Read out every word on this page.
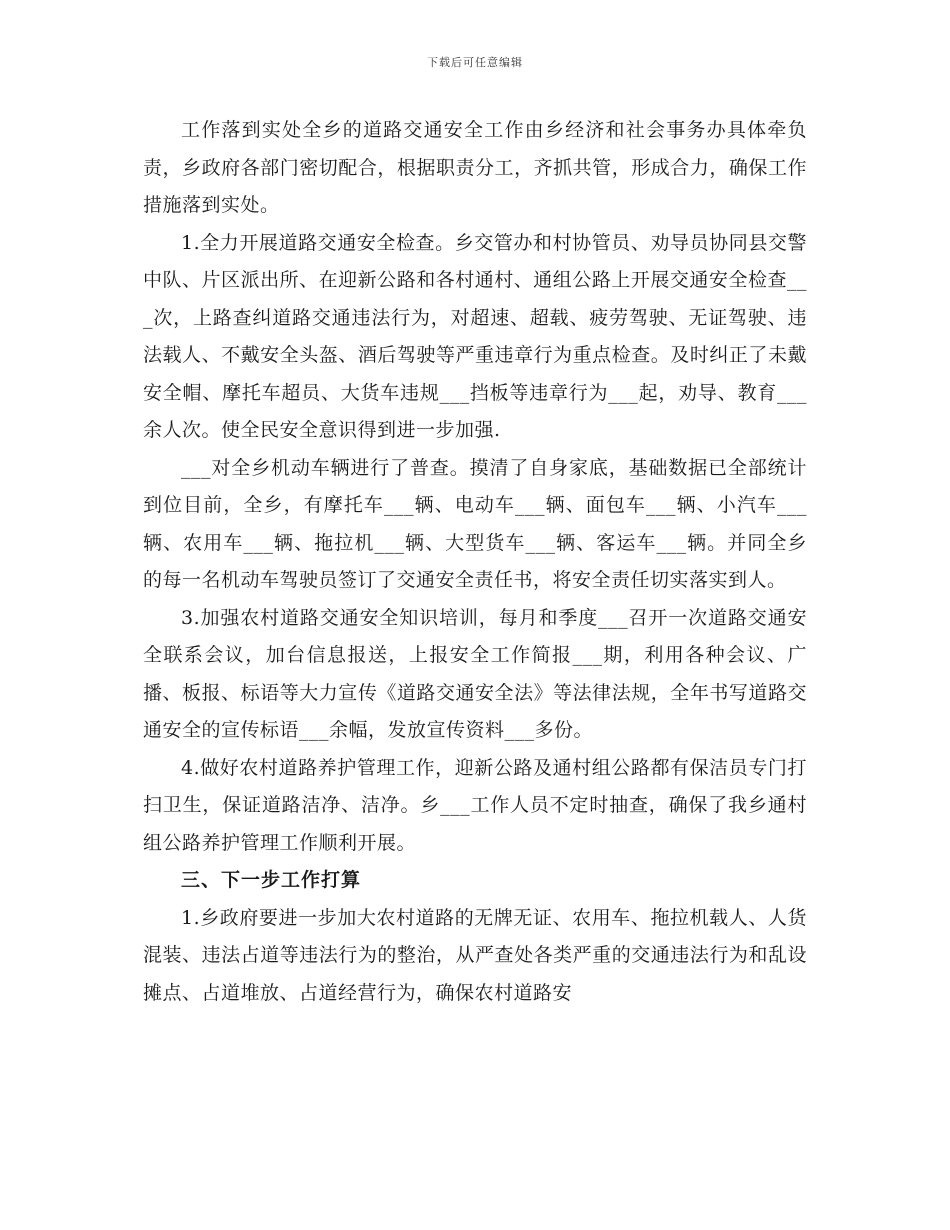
下载后可任意编辑

工作落到实处全乡的道路交通安全工作由乡经济和社会事务办具体牵负责，乡政府各部门密切配合，根据职责分工，齐抓共管，形成合力，确保工作措施落到实处。

1.全力开展道路交通安全检查。乡交管办和村协管员、劝导员协同县交警中队、片区派出所、在迎新公路和各村通村、通组公路上开展交通安全检查___次，上路查纠道路交通违法行为，对超速、超载、疲劳驾驶、无证驾驶、违法载人、不戴安全头盔、酒后驾驶等严重违章行为重点检查。及时纠正了未戴安全帽、摩托车超员、大货车违规___挡板等违章行为___起，劝导、教育___余人次。使全民安全意识得到进一步加强.

___对全乡机动车辆进行了普查。摸清了自身家底，基础数据已全部统计到位目前，全乡，有摩托车___辆、电动车___辆、面包车___辆、小汽车___辆、农用车___辆、拖拉机___辆、大型货车___辆、客运车___辆。并同全乡的每一名机动车驾驶员签订了交通安全责任书，将安全责任切实落实到人。

3.加强农村道路交通安全知识培训，每月和季度___召开一次道路交通安全联系会议，加台信息报送，上报安全工作简报___期，利用各种会议、广播、板报、标语等大力宣传《道路交通安全法》等法律法规，全年书写道路交通安全的宣传标语___余幅，发放宣传资料___多份。

4.做好农村道路养护管理工作，迎新公路及通村组公路都有保洁员专门打扫卫生，保证道路洁净、洁净。乡___工作人员不定时抽查，确保了我乡通村组公路养护管理工作顺利开展。

三、下一步工作打算

1.乡政府要进一步加大农村道路的无牌无证、农用车、拖拉机载人、人货混装、违法占道等违法行为的整治，从严查处各类严重的交通违法行为和乱设摊点、占道堆放、占道经营行为，确保农村道路安
